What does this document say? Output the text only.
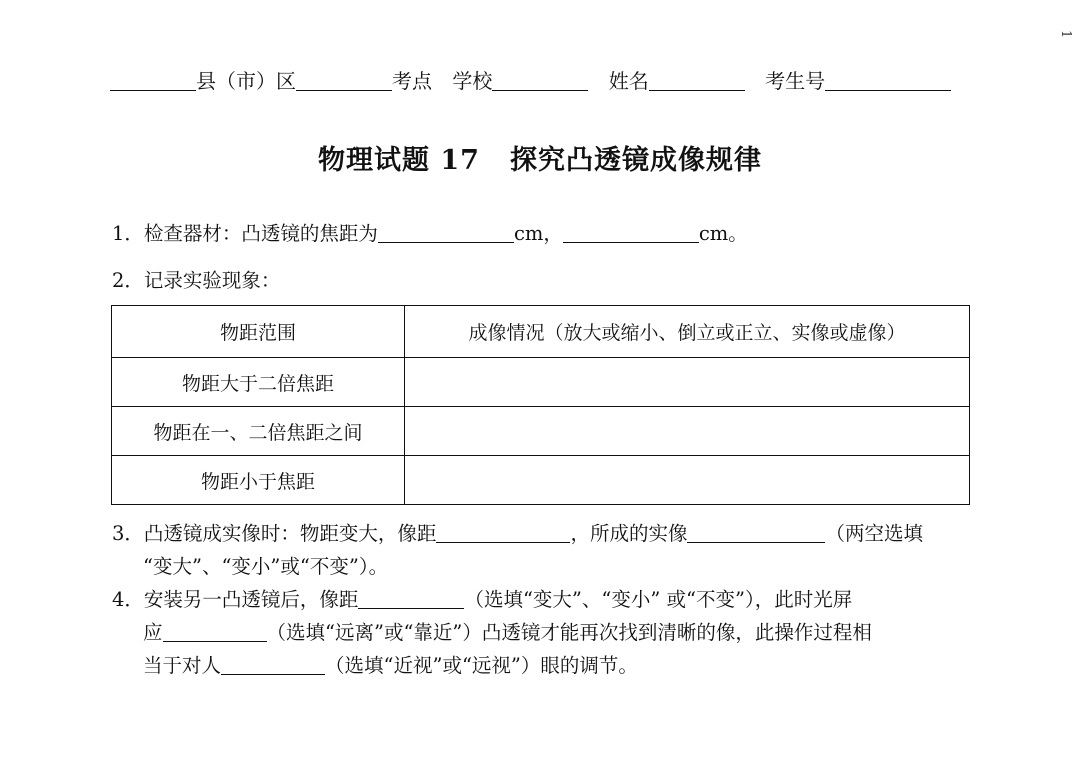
1
县（市）区	考点 学校	姓名	考生号
物理试题 17 探究凸透镜成像规律
1．检查器材：凸透镜的焦距为	cm，	cm。
2．记录实验现象：
物距范围	成像情况（放大或缩小、倒立或正立、实像或虚像）
物距大于二倍焦距	
物距在一、二倍焦距之间	
物距小于焦距	
3．凸透镜成实像时：物距变大，像距	，所成的实像	（两空选填
“变大”、“变小”或“不变”）。
4．安装另一凸透镜后，像距	（选填“变大”、“变小” 或“不变”），此时光屏
应	（选填“远离”或“靠近”）凸透镜才能再次找到清晰的像，此操作过程相
当于对人	（选填“近视”或“远视”）眼的调节。
